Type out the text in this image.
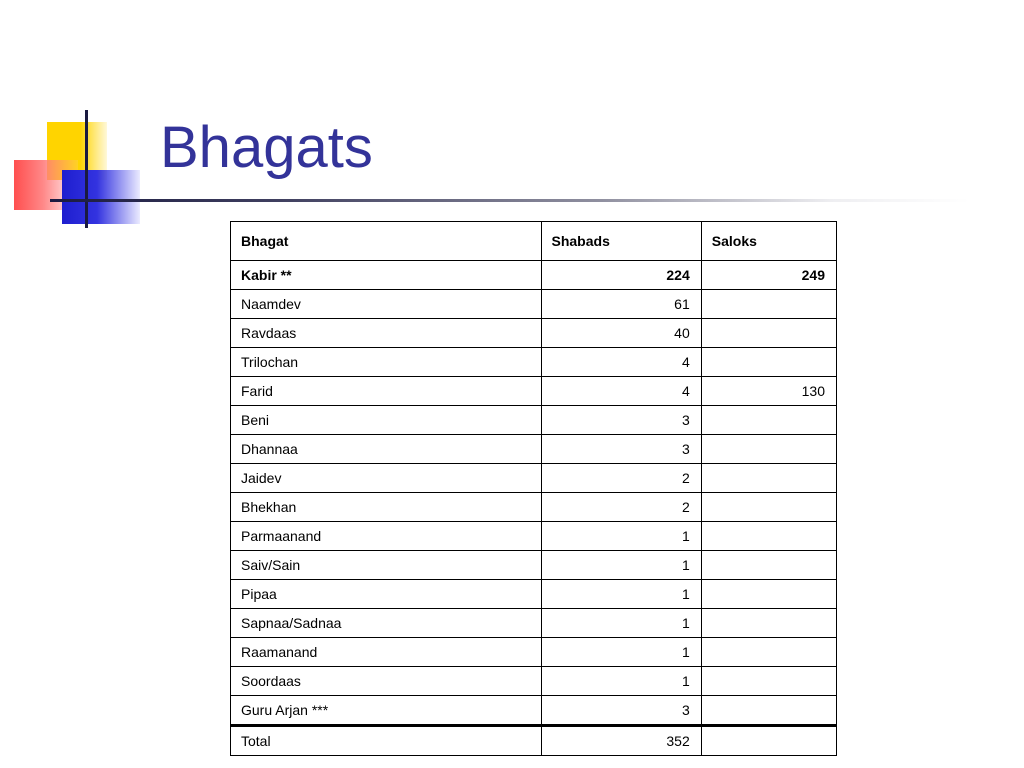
Bhagats
Bhagat	Shabads	Saloks
Kabir **	224	249
Naamdev	61	
Ravdaas	40	
Trilochan	4	
Farid	4	130
Beni	3	
Dhannaa	3	
Jaidev	2	
Bhekhan	2	
Parmaanand	1	
Saiv/Sain	1	
Pipaa	1	
Sapnaa/Sadnaa	1	
Raamanand	1	
Soordaas	1	
Guru Arjan ***	3	
Total	352	
